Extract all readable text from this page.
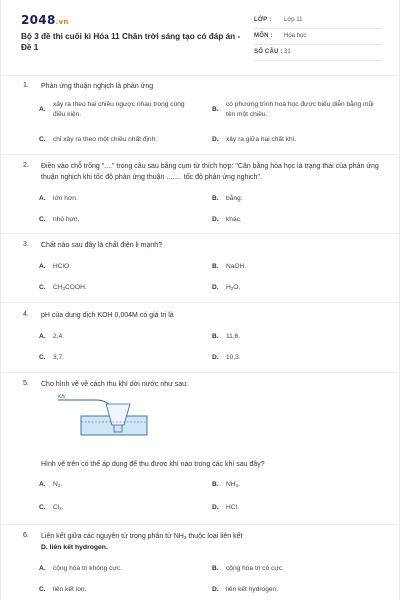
2048.vn
Bộ 3 đề thi cuối kì Hóa 11 Chân trời sáng tạo có đáp án - Đề 1
LỚP : Lớp 11
MÔN : Hóa học
SỐ CÂU : 31
1. Phản ứng thuận nghịch là phản ứng
A.
xảy ra theo hai chiều ngược nhau trong cùng điều kiện.
B.
có phương trình hoá học được biểu diễn bằng mũi tên một chiều.
C. chỉ xảy ra theo một chiều nhất định.	D. xảy ra giữa hai chất khí.
2. Điền vào chỗ trống "...." trong câu sau bằng cụm từ thích hợp: "Cân bằng hóa học là trạng thái của phản ứng thuận nghịch khi tốc độ phản ứng thuận ........ tốc độ phản ứng nghịch".
A. lớn hơn.	B. bằng.
C. nhỏ hơn.	D. khác.
3. Chất nào sau đây là chất điện li mạnh?
A. HClO.	B. NaOH.
C. $CH_3COOH$.	D. $H_2O$.
4. pH của dung dịch KOH 0,004M có giá trị là
A. 2,4.	B. 11,6.
C. 3,7.	D. 10,3.
5. Cho hình vẽ về cách thu khí dời nước như sau:
Khí
Hình vẽ trên có thể áp dụng để thu được khí nào trong các khí sau đây?
A. $N_2$.	B. $NH_3$.
C. $Cl_2$.	D. HCl.
6. Liên kết giữa các nguyên tử trong phân tử $NH_3$ thuộc loại liên kết
D. liên kết hydrogen.
A. cộng hóa trị không cực.	B. cộng hóa trị có cực.
C. liên kết ion.	D. liên kết hydrogen.
